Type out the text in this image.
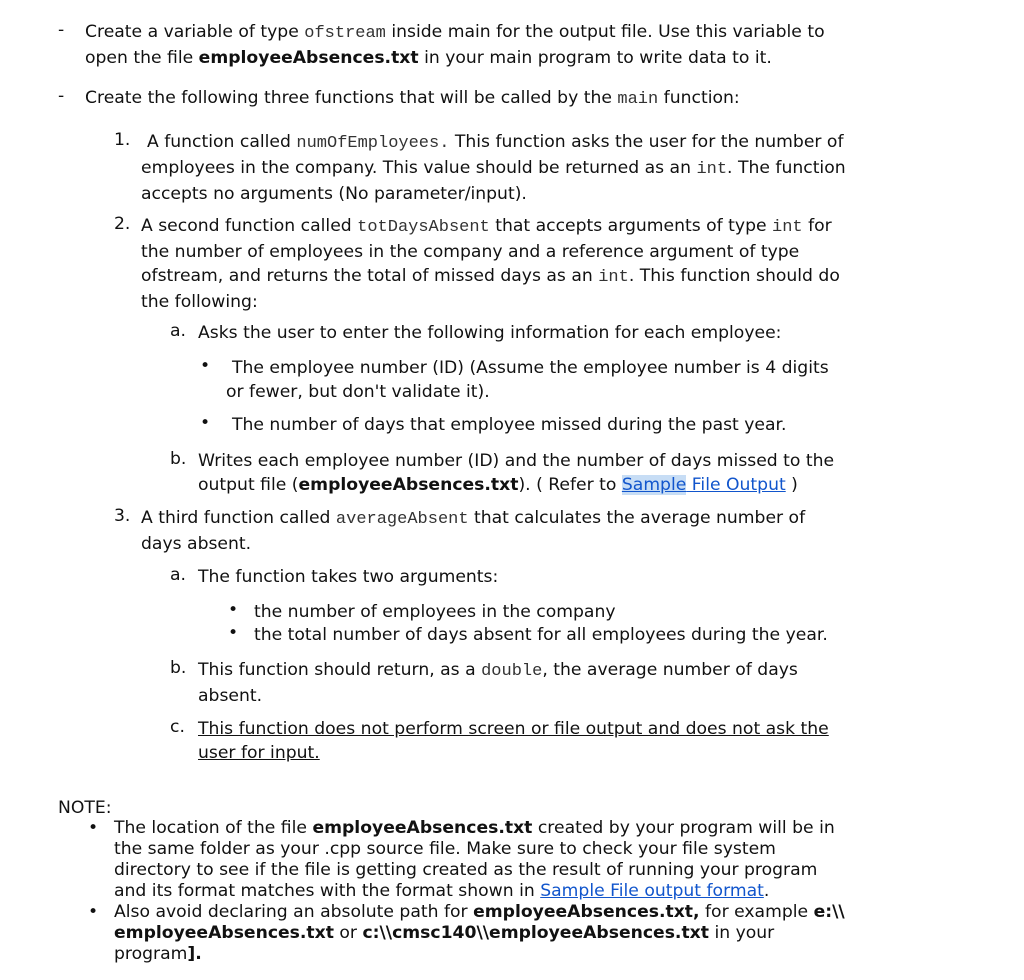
- Create a variable of type ofstream inside main for the output file. Use this variable to open the file employeeAbsences.txt in your main program to write data to it.
- Create the following three functions that will be called by the main function:
1. A function called numOfEmployees. This function asks the user for the number of employees in the company. This value should be returned as an int. The function accepts no arguments (No parameter/input).
2. A second function called totDaysAbsent that accepts arguments of type int for the number of employees in the company and a reference argument of type ofstream, and returns the total of missed days as an int. This function should do the following:
a. Asks the user to enter the following information for each employee:
•	The employee number (ID) (Assume the employee number is 4 digits or fewer, but don't validate it).
•	The number of days that employee missed during the past year.
b. Writes each employee number (ID) and the number of days missed to the output file (employeeAbsences.txt). ( Refer to Sample File Output )
3. A third function called averageAbsent that calculates the average number of days absent.
a. The function takes two arguments:
• the number of employees in the company
• the total number of days absent for all employees during the year.
b. This function should return, as a double, the average number of days absent.
c. This function does not perform screen or file output and does not ask the user for input.
NOTE:
• The location of the file employeeAbsences.txt created by your program will be in the same folder as your .cpp source file. Make sure to check your file system directory to see if the file is getting created as the result of running your program and its format matches with the format shown in Sample File output format.
• Also avoid declaring an absolute path for employeeAbsences.txt, for example e:\\ employeeAbsences.txt or c:\\cmsc140\\employeeAbsences.txt in your
program].
